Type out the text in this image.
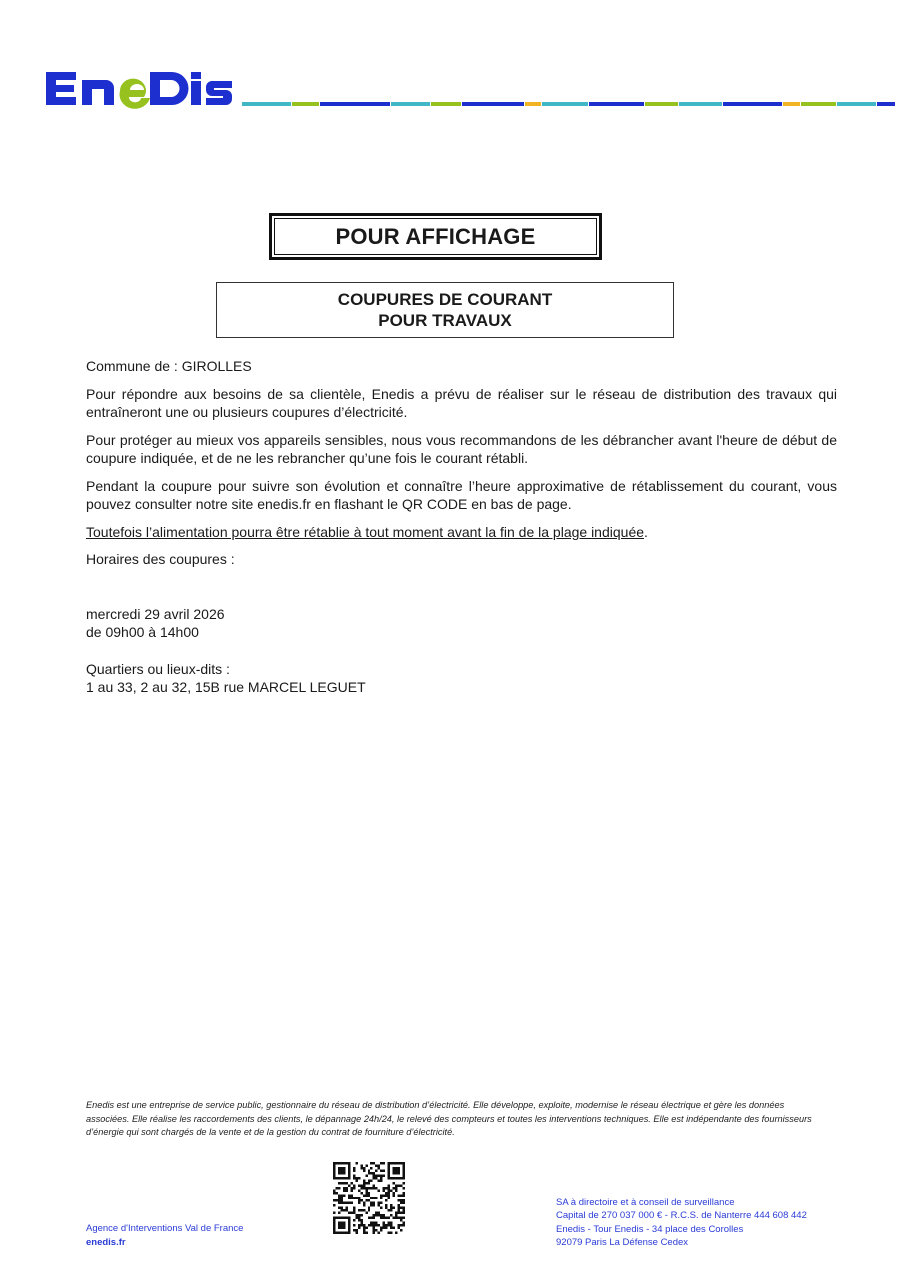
POUR AFFICHAGE
COUPURES DE COURANT
POUR TRAVAUX

Commune de : GIROLLES

Pour répondre aux besoins de sa clientèle, Enedis a prévu de réaliser sur le réseau de distribution des travaux qui entraîneront une ou plusieurs coupures d’électricité.

Pour protéger au mieux vos appareils sensibles, nous vous recommandons de les débrancher avant l'heure de début de coupure indiquée, et de ne les rebrancher qu’une fois le courant rétabli.

Pendant la coupure pour suivre son évolution et connaître l’heure approximative de rétablissement du courant, vous pouvez consulter notre site enedis.fr en flashant le QR CODE en bas de page.

Toutefois l’alimentation pourra être rétablie à tout moment avant la fin de la plage indiquée.

Horaires des coupures :

mercredi 29 avril 2026
de 09h00 à 14h00
Quartiers ou lieux-dits :
1 au 33, 2 au 32, 15B rue MARCEL LEGUET
Enedis est une entreprise de service public, gestionnaire du réseau de distribution d’électricité. Elle développe, exploite, modernise le réseau électrique et gère les données associées. Elle réalise les raccordements des clients, le dépannage 24h/24, le relevé des compteurs et toutes les interventions techniques. Elle est indépendante des fournisseurs d’énergie qui sont chargés de la vente et de la gestion du contrat de fourniture d’électricité.
Agence d'Interventions Val de France
enedis.fr
SA à directoire et à conseil de surveillance
Capital de 270 037 000 € - R.C.S. de Nanterre 444 608 442
Enedis - Tour Enedis - 34 place des Corolles
92079 Paris La Défense Cedex
